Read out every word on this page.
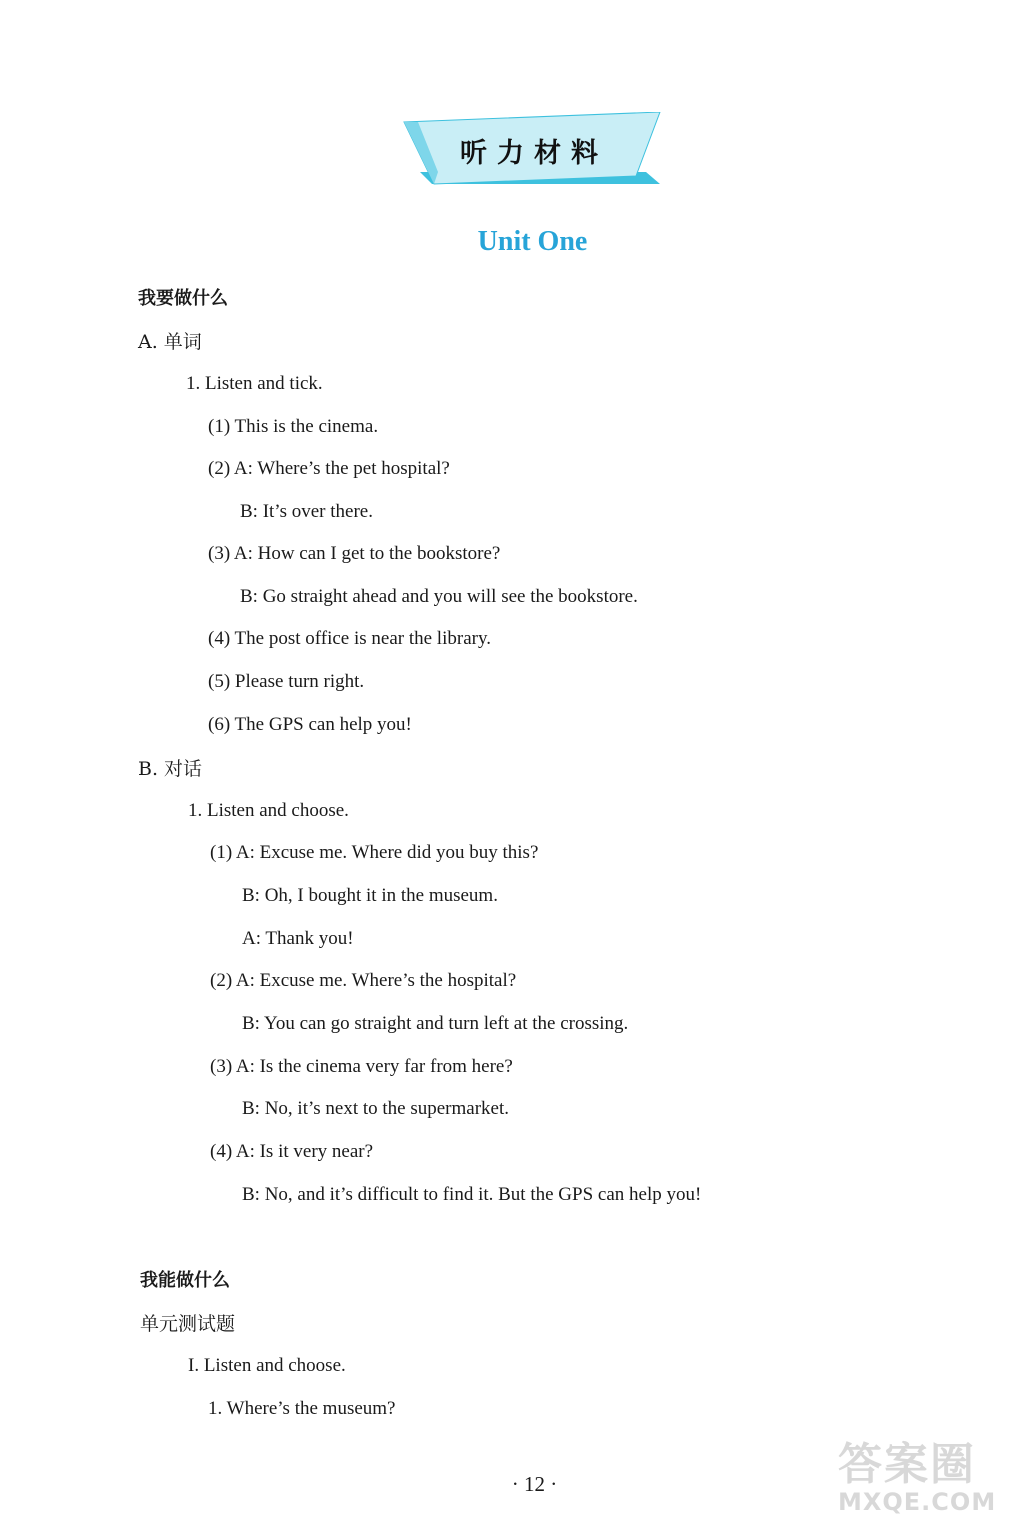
听力材料
Unit One
我要做什么
A. 单词
1. Listen and tick.
(1) This is the cinema.
(2) A: Where’s the pet hospital?
B: It’s over there.
(3) A: How can I get to the bookstore?
B: Go straight ahead and you will see the bookstore.
(4) The post office is near the library.
(5) Please turn right.
(6) The GPS can help you!
B. 对话
1. Listen and choose.
(1) A: Excuse me. Where did you buy this?
B: Oh, I bought it in the museum.
A: Thank you!
(2) A: Excuse me. Where’s the hospital?
B: You can go straight and turn left at the crossing.
(3) A: Is the cinema very far from here?
B: No, it’s next to the supermarket.
(4) A: Is it very near?
B: No, and it’s difficult to find it. But the GPS can help you!
我能做什么
单元测试题
I. Listen and choose.
1. Where’s the museum?
· 12 ·	答案圈
MXQE.COM
